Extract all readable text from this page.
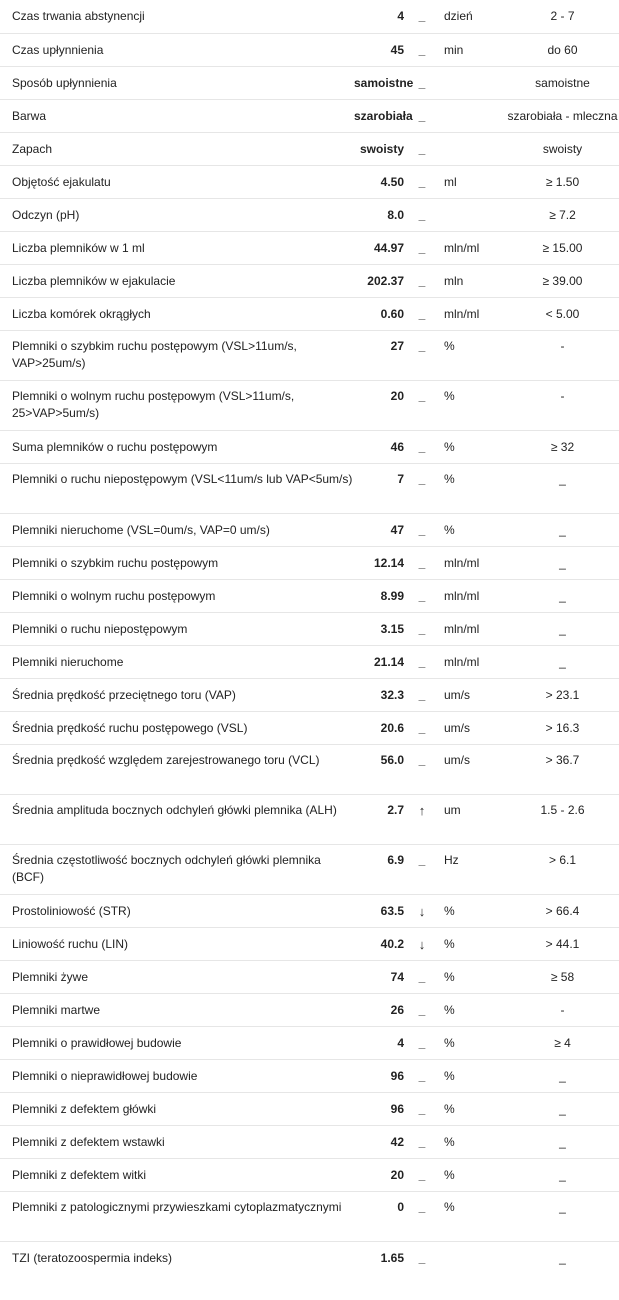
Czas trwania abstynencji	4	_	dzień	2 - 7
Czas upłynnienia	45	_	min	do 60
Sposób upłynnienia	samoistne	_		samoistne
Barwa	szarobiała	_		szarobiała - mleczna
Zapach	swoisty	_		swoisty
Objętość ejakulatu	4.50	_	ml	≥ 1.50
Odczyn (pH)	8.0	_		≥ 7.2
Liczba plemników w 1 ml	44.97	_	mln/ml	≥ 15.00
Liczba plemników w ejakulacie	202.37	_	mln	≥ 39.00
Liczba komórek okrągłych	0.60	_	mln/ml	< 5.00
Plemniki o szybkim ruchu postępowym (VSL>11um/s, VAP>25um/s)	27	_	%	-
Plemniki o wolnym ruchu postępowym (VSL>11um/s, 25>VAP>5um/s)	20	_	%	-
Suma plemników o ruchu postępowym	46	_	%	≥ 32
Plemniki o ruchu niepostępowym (VSL<11um/s lub VAP<5um/s)	7	_	%	_
Plemniki nieruchome (VSL=0um/s, VAP=0 um/s)	47	_	%	_
Plemniki o szybkim ruchu postępowym	12.14	_	mln/ml	_
Plemniki o wolnym ruchu postępowym	8.99	_	mln/ml	_
Plemniki o ruchu niepostępowym	3.15	_	mln/ml	_
Plemniki nieruchome	21.14	_	mln/ml	_
Średnia prędkość przeciętnego toru (VAP)	32.3	_	um/s	> 23.1
Średnia prędkość ruchu postępowego (VSL)	20.6	_	um/s	> 16.3
Średnia prędkość względem zarejestrowanego toru (VCL)	56.0	_	um/s	> 36.7
Średnia amplituda bocznych odchyleń główki plemnika (ALH)	2.7	↑	um	1.5 - 2.6
Średnia częstotliwość bocznych odchyleń główki plemnika (BCF)	6.9	_	Hz	> 6.1
Prostoliniowość (STR)	63.5	↓	%	> 66.4
Liniowość ruchu (LIN)	40.2	↓	%	> 44.1
Plemniki żywe	74	_	%	≥ 58
Plemniki martwe	26	_	%	-
Plemniki o prawidłowej budowie	4	_	%	≥ 4
Plemniki o nieprawidłowej budowie	96	_	%	_
Plemniki z defektem główki	96	_	%	_
Plemniki z defektem wstawki	42	_	%	_
Plemniki z defektem witki	20	_	%	_
Plemniki z patologicznymi przywieszkami cytoplazmatycznymi	0	_	%	_
TZI (teratozoospermia indeks)	1.65	_		_
